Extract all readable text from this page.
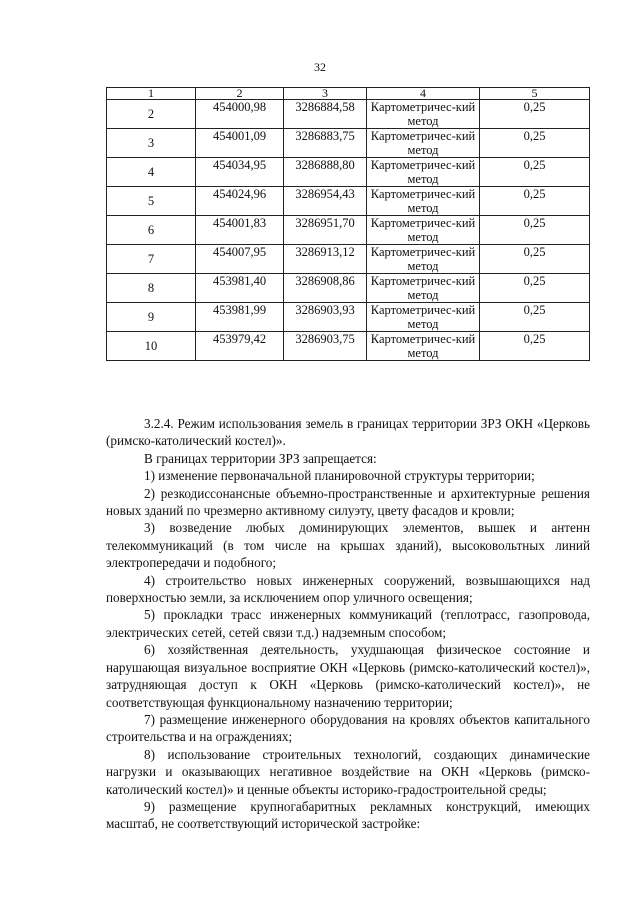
32
1	2	3	4	5
2	454000,98	3286884,58	Картометричес-кий метод	0,25
3	454001,09	3286883,75	Картометричес-кий метод	0,25
4	454034,95	3286888,80	Картометричес-кий метод	0,25
5	454024,96	3286954,43	Картометричес-кий метод	0,25
6	454001,83	3286951,70	Картометричес-кий метод	0,25
7	454007,95	3286913,12	Картометричес-кий метод	0,25
8	453981,40	3286908,86	Картометричес-кий метод	0,25
9	453981,99	3286903,93	Картометричес-кий метод	0,25
10	453979,42	3286903,75	Картометричес-кий метод	0,25

3.2.4. Режим использования земель в границах территории ЗРЗ ОКН «Церковь (римско-католический костел)».

В границах территории ЗРЗ запрещается:

1) изменение первоначальной планировочной структуры территории;

2) резкодиссонансные объемно-пространственные и архитектурные решения новых зданий по чрезмерно активному силуэту, цвету фасадов и кровли;

3) возведение любых доминирующих элементов, вышек и антенн телекоммуникаций (в том числе на крышах зданий), высоковольтных линий электропередачи и подобного;

4) строительство новых инженерных сооружений, возвышающихся над поверхностью земли, за исключением опор уличного освещения;

5) прокладки трасс инженерных коммуникаций (теплотрасс, газопровода, электрических сетей, сетей связи т.д.) надземным способом;

6) хозяйственная деятельность, ухудшающая физическое состояние и нарушающая визуальное восприятие ОКН «Церковь (римско-католический костел)», затрудняющая доступ к ОКН «Церковь (римско-католический костел)», не соответствующая функциональному назначению территории;

7) размещение инженерного оборудования на кровлях объектов капитального строительства и на ограждениях;

8) использование строительных технологий, создающих динамические нагрузки и оказывающих негативное воздействие на ОКН «Церковь (римско-католический костел)» и ценные объекты историко-градостроительной среды;

9) размещение крупногабаритных рекламных конструкций, имеющих масштаб, не соответствующий исторической застройке:
